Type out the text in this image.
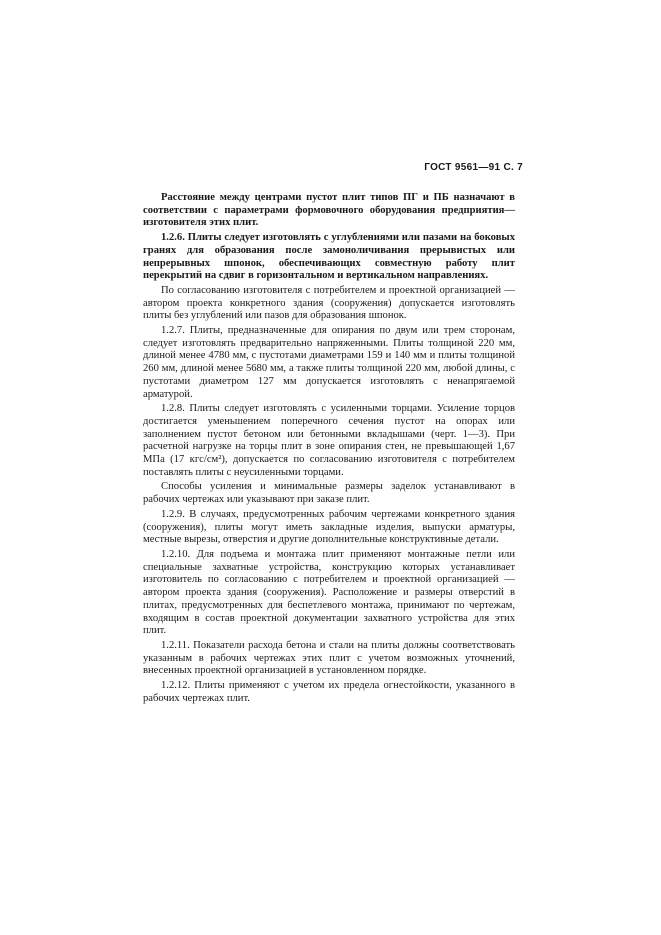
ГОСТ 9561—91 С. 7

Расстояние между центрами пустот плит типов ПГ и ПБ назначают в соответствии с параметрами формовочного оборудования предприятия—изготовителя этих плит.

1.2.6. Плиты следует изготовлять с углублениями или пазами на боковых гранях для образования после замоноличивания прерывистых или непрерывных шпонок, обеспечивающих совместную работу плит перекрытий на сдвиг в горизонтальном и вертикальном направлениях.

По согласованию изготовителя с потребителем и проектной организацией — автором проекта конкретного здания (сооружения) допускается изготовлять плиты без углублений или пазов для образования шпонок.

1.2.7. Плиты, предназначенные для опирания по двум или трем сторонам, следует изготовлять предварительно напряженными. Плиты толщиной 220 мм, длиной менее 4780 мм, с пустотами диаметрами 159 и 140 мм и плиты толщиной 260 мм, длиной менее 5680 мм, а также плиты толщиной 220 мм, любой длины, с пустотами диаметром 127 мм допускается изготовлять с ненапрягаемой арматурой.

1.2.8. Плиты следует изготовлять с усиленными торцами. Усиление торцов достигается уменьшением поперечного сечения пустот на опорах или заполнением пустот бетоном или бетонными вкладышами (черт. 1—3). При расчетной нагрузке на торцы плит в зоне опирания стен, не превышающей 1,67 МПа (17 кгс/см²), допускается по согласованию изготовителя с потребителем поставлять плиты с неусиленными торцами.

Способы усиления и минимальные размеры заделок устанавливают в рабочих чертежах или указывают при заказе плит.

1.2.9. В случаях, предусмотренных рабочим чертежами конкретного здания (сооружения), плиты могут иметь закладные изделия, выпуски арматуры, местные вырезы, отверстия и другие дополнительные конструктивные детали.

1.2.10. Для подъема и монтажа плит применяют монтажные петли или специальные захватные устройства, конструкцию которых устанавливает изготовитель по согласованию с потребителем и проектной организацией — автором проекта здания (сооружения). Расположение и размеры отверстий в плитах, предусмотренных для беспетлевого монтажа, принимают по чертежам, входящим в состав проектной документации захватного устройства для этих плит.

1.2.11. Показатели расхода бетона и стали на плиты должны соответствовать указанным в рабочих чертежах этих плит с учетом возможных уточнений, внесенных проектной организацией в установленном порядке.

1.2.12. Плиты применяют с учетом их предела огнестойкости, указанного в рабочих чертежах плит.
